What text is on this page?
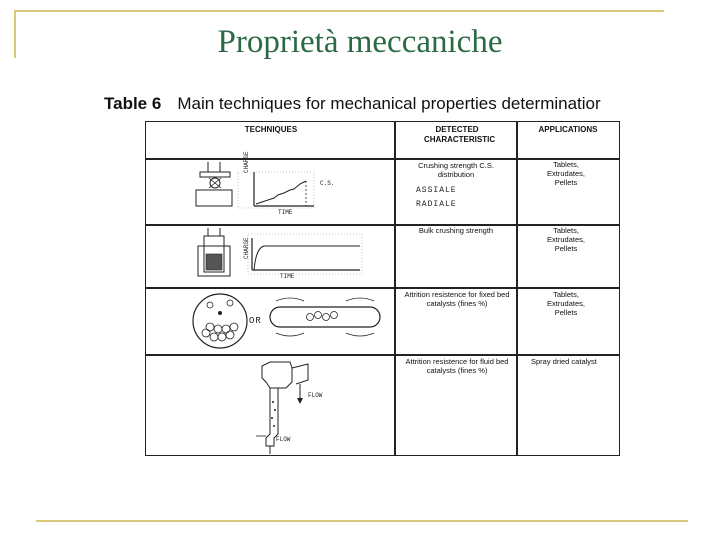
Proprietà meccaniche
Table 6 Main techniques for mechanical properties determinatior
TECHNIQUES	DETECTED CHARACTERISTIC
APPLICATIONS
Crushing strength C.S. distribution
ASSIALE
RADIALE
Tablets, Extrudates, Pellets
Bulk crushing strength	Tablets, Extrudates, Pellets
Attrition resistence for fixed bed catalysts (fines %)
Tablets, Extrudates, Pellets
Attrition resistence for fluid bed catalysts (fines %)
Spray dried catalyst
CHARGE
TIME
C.S.
CHARGE
TIME
OR
FLOW
FLOW
